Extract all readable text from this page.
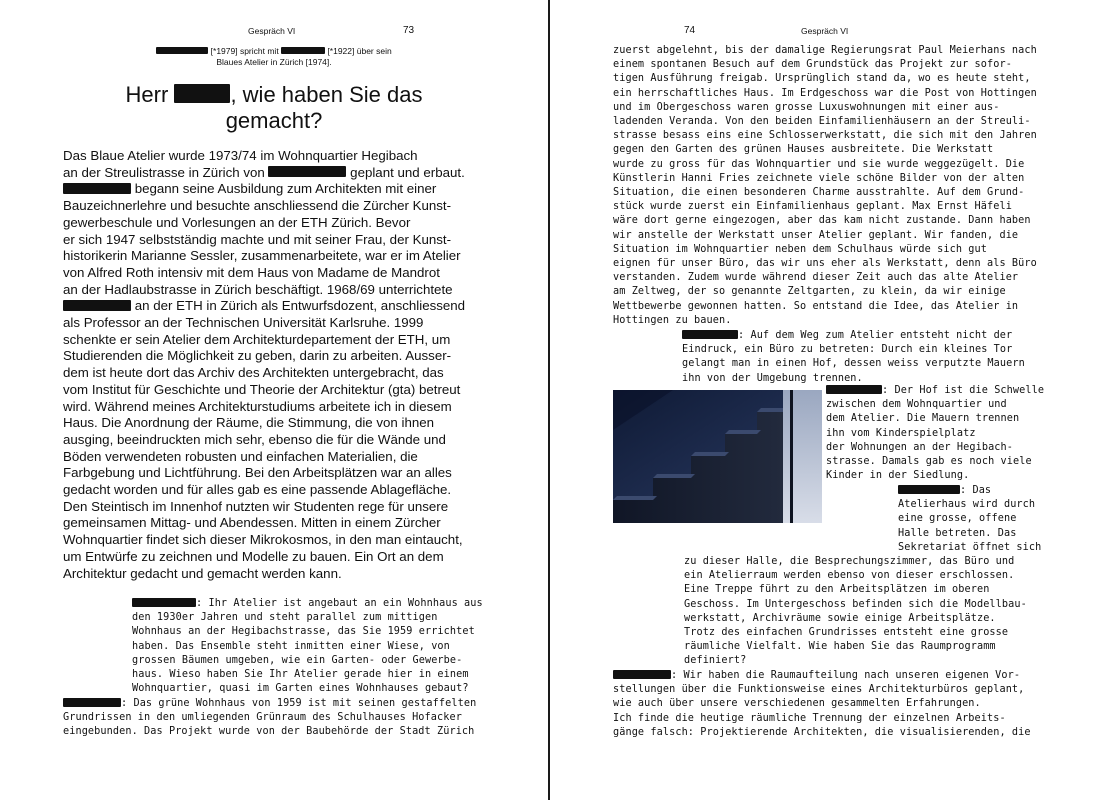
Gespräch VI	73
[*1979] spricht mit	[*1922] über sein
Blaues Atelier in Zürich [1974].
Herr	, wie haben Sie das
gemacht?
Das Blaue Atelier wurde 1973/74 im Wohnquartier Hegibach
an der Streulistrasse in Zürich von	geplant und erbaut.
begann seine Ausbildung zum Architekten mit einer
Bauzeichnerlehre und besuchte anschliessend die Zürcher Kunst-
gewerbeschule und Vorlesungen an der ETH Zürich. Bevor
er sich 1947 selbstständig machte und mit seiner Frau, der Kunst-
historikerin Marianne Sessler, zusammenarbeitete, war er im Atelier
von Alfred Roth intensiv mit dem Haus von Madame de Mandrot
an der Hadlaubstrasse in Zürich beschäftigt. 1968/69 unterrichtete
an der ETH in Zürich als Entwurfsdozent, anschliessend
als Professor an der Technischen Universität Karlsruhe. 1999
schenkte er sein Atelier dem Architekturdepartement der ETH, um
Studierenden die Möglichkeit zu geben, darin zu arbeiten. Ausser-
dem ist heute dort das Archiv des Architekten untergebracht, das
vom Institut für Geschichte und Theorie der Architektur (gta) betreut
wird. Während meines Architekturstudiums arbeitete ich in diesem
Haus. Die Anordnung der Räume, die Stimmung, die von ihnen
ausging, beeindruckten mich sehr, ebenso die für die Wände und
Böden verwendeten robusten und einfachen Materialien, die
Farbgebung und Lichtführung. Bei den Arbeitsplätzen war an alles
gedacht worden und für alles gab es eine passende Ablagefläche.
Den Steintisch im Innenhof nutzten wir Studenten rege für unsere
gemeinsamen Mittag- und Abendessen. Mitten in einem Zürcher
Wohnquartier findet sich dieser Mikrokosmos, in den man eintaucht,
um Entwürfe zu zeichnen und Modelle zu bauen. Ein Ort an dem
Architektur gedacht und gemacht werden kann.
: Ihr Atelier ist angebaut an ein Wohnhaus aus
den 1930er Jahren und steht parallel zum mittigen
Wohnhaus an der Hegibachstrasse, das Sie 1959 errichtet
haben. Das Ensemble steht inmitten einer Wiese, von
grossen Bäumen umgeben, wie ein Garten- oder Gewerbe-
haus. Wieso haben Sie Ihr Atelier gerade hier in einem
Wohnquartier, quasi im Garten eines Wohnhauses gebaut?
: Das grüne Wohnhaus von 1959 ist mit seinen gestaffelten
Grundrissen in den umliegenden Grünraum des Schulhauses Hofacker
eingebunden. Das Projekt wurde von der Baubehörde der Stadt Zürich
74	Gespräch VI
zuerst abgelehnt, bis der damalige Regierungsrat Paul Meierhans nach
einem spontanen Besuch auf dem Grundstück das Projekt zur sofor-
tigen Ausführung freigab. Ursprünglich stand da, wo es heute steht,
ein herrschaftliches Haus. Im Erdgeschoss war die Post von Hottingen
und im Obergeschoss waren grosse Luxuswohnungen mit einer aus-
ladenden Veranda. Von den beiden Einfamilienhäusern an der Streuli-
strasse besass eins eine Schlosserwerkstatt, die sich mit den Jahren
gegen den Garten des grünen Hauses ausbreitete. Die Werkstatt
wurde zu gross für das Wohnquartier und sie wurde weggezügelt. Die
Künstlerin Hanni Fries zeichnete viele schöne Bilder von der alten
Situation, die einen besonderen Charme ausstrahlte. Auf dem Grund-
stück wurde zuerst ein Einfamilienhaus geplant. Max Ernst Häfeli
wäre dort gerne eingezogen, aber das kam nicht zustande. Dann haben
wir anstelle der Werkstatt unser Atelier geplant. Wir fanden, die
Situation im Wohnquartier neben dem Schulhaus würde sich gut
eignen für unser Büro, das wir uns eher als Werkstatt, denn als Büro
verstanden. Zudem wurde während dieser Zeit auch das alte Atelier
am Zeltweg, der so genannte Zeltgarten, zu klein, da wir einige
Wettbewerbe gewonnen hatten. So entstand die Idee, das Atelier in
Hottingen zu bauen.
: Auf dem Weg zum Atelier entsteht nicht der
Eindruck, ein Büro zu betreten: Durch ein kleines Tor
gelangt man in einen Hof, dessen weiss verputzte Mauern
ihn von der Umgebung trennen.
: Der Hof ist die Schwelle
zwischen dem Wohnquartier und
dem Atelier. Die Mauern trennen
ihn vom Kinderspielplatz
der Wohnungen an der Hegibach-
strasse. Damals gab es noch viele
Kinder in der Siedlung.
: Das
Atelierhaus wird durch
eine grosse, offene
Halle betreten. Das
Sekretariat öffnet sich
zu dieser Halle, die Besprechungszimmer, das Büro und
ein Atelierraum werden ebenso von dieser erschlossen.
Eine Treppe führt zu den Arbeitsplätzen im oberen
Geschoss. Im Untergeschoss befinden sich die Modellbau-
werkstatt, Archivräume sowie einige Arbeitsplätze.
Trotz des einfachen Grundrisses entsteht eine grosse
räumliche Vielfalt. Wie haben Sie das Raumprogramm
definiert?
: Wir haben die Raumaufteilung nach unseren eigenen Vor-
stellungen über die Funktionsweise eines Architekturbüros geplant,
wie auch über unsere verschiedenen gesammelten Erfahrungen.
Ich finde die heutige räumliche Trennung der einzelnen Arbeits-
gänge falsch: Projektierende Architekten, die visualisierenden, die
